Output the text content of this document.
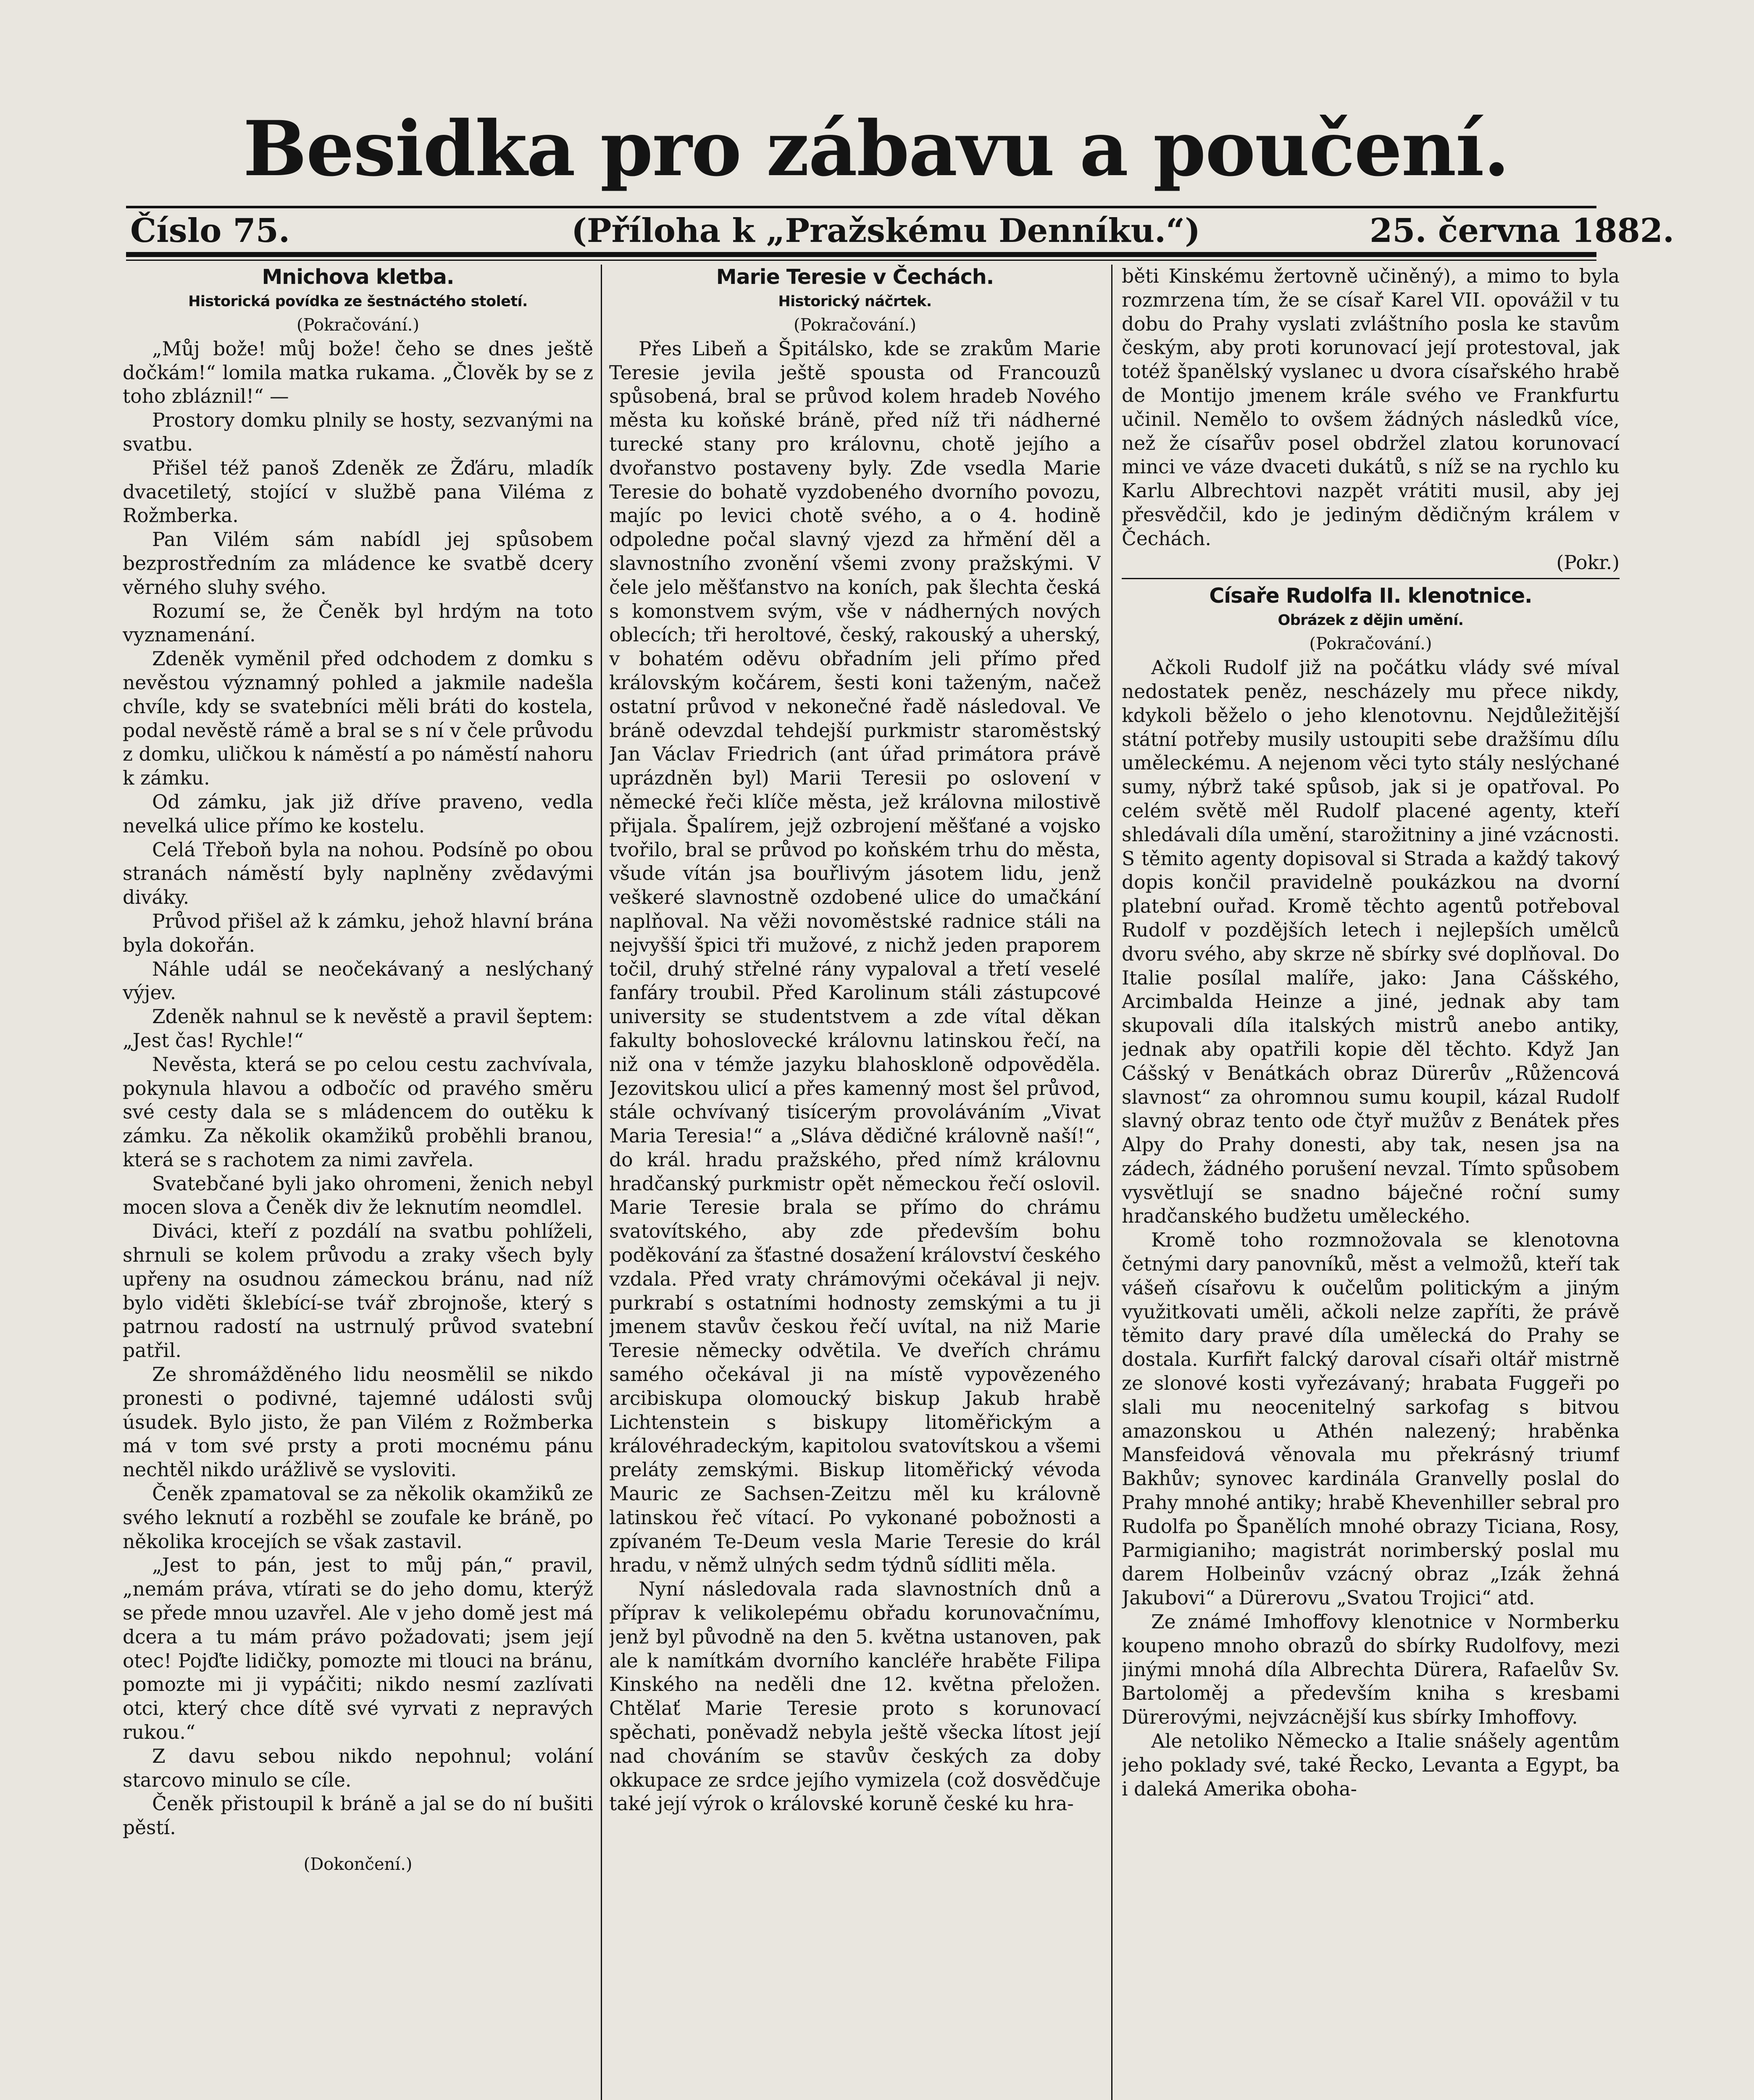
Besidka pro zábavu a poučení.
Číslo 75.	(Příloha k „Pražskému Denníku.“)	25. června 1882.

Mnichova kletba.

Historická povídka ze šestnáctého století.

(Pokračování.)

„Můj bože! můj bože! čeho se dnes ještě dočkám!“ lomila matka rukama. „Člověk by se z toho zbláznil!“ —

Prostory domku plnily se hosty, sezvanými na svatbu.

Přišel též panoš Zdeněk ze Žďáru, mladík dvacetiletý, stojící v službě pana Viléma z Rožmberka.

Pan Vilém sám nabídl jej spůsobem bezprostředním za mládence ke svatbě dcery věrného sluhy svého.

Rozumí se, že Čeněk byl hrdým na toto vyznamenání.

Zdeněk vyměnil před odchodem z domku s nevěstou významný pohled a jakmile nadešla chvíle, kdy se svatebníci měli bráti do kostela, podal nevěstě rámě a bral se s ní v čele průvodu z domku, uličkou k náměstí a po náměstí nahoru k zámku.

Od zámku, jak již dříve praveno, vedla nevelká ulice přímo ke kostelu.

Celá Třeboň byla na nohou. Podsíně po obou stranách náměstí byly naplněny zvědavými diváky.

Průvod přišel až k zámku, jehož hlavní brána byla dokořán.

Náhle udál se neočekávaný a neslýchaný výjev.

Zdeněk nahnul se k nevěstě a pravil šeptem: „Jest čas! Rychle!“

Nevěsta, která se po celou cestu zachvívala, pokynula hlavou a odbočíc od pravého směru své cesty dala se s mládencem do outěku k zámku. Za několik okamžiků proběhli branou, která se s rachotem za nimi zavřela.

Svatebčané byli jako ohromeni, ženich nebyl mocen slova a Čeněk div že leknutím neomdlel.

Diváci, kteří z pozdálí na svatbu pohlíželi, shrnuli se kolem průvodu a zraky všech byly upřeny na osudnou zámeckou bránu, nad níž bylo viděti šklebící-se tvář zbrojnoše, který s patrnou radostí na ustrnulý průvod svatební patřil.

Ze shromážděného lidu neosmělil se nikdo pronesti o podivné, tajemné události svůj úsudek. Bylo jisto, že pan Vilém z Rožmberka má v tom své prsty a proti mocnému pánu nechtěl nikdo urážlivě se vysloviti.

Čeněk zpamatoval se za několik okamžiků ze svého leknutí a rozběhl se zoufale ke bráně, po několika krocejích se však zastavil.

„Jest to pán, jest to můj pán,“ pravil, „nemám práva, vtírati se do jeho domu, kterýž se přede mnou uzavřel. Ale v jeho domě jest má dcera a tu mám právo požadovati; jsem její otec! Pojďte lidičky, pomozte mi tlouci na bránu, pomozte mi ji vypáčiti; nikdo nesmí zazlívati otci, který chce dítě své vyrvati z nepravých rukou.“

Z davu sebou nikdo nepohnul; volání starcovo minulo se cíle.

Čeněk přistoupil k bráně a jal se do ní bušiti pěstí.

(Dokončení.)

Marie Teresie v Čechách.

Historický náčrtek.

(Pokračování.)

Přes Libeň a Špitálsko, kde se zrakům Marie Teresie jevila ještě spousta od Francouzů spůsobená, bral se průvod kolem hradeb Nového města ku koňské bráně, před níž tři nádherné turecké stany pro královnu, chotě jejího a dvořanstvo postaveny byly. Zde vsedla Marie Teresie do bohatě vyzdobeného dvorního povozu, majíc po levici chotě svého, a o 4. hodině odpoledne počal slavný vjezd za hřmění děl a slavnostního zvonění všemi zvony pražskými. V čele jelo měšťanstvo na koních, pak šlechta česká s komonstvem svým, vše v nádherných nových oblecích; tři heroltové, český, rakouský a uherský, v bohatém oděvu obřadním jeli přímo před královským kočárem, šesti koni taženým, načež ostatní průvod v nekonečné řadě následoval. Ve bráně odevzdal tehdejší purkmistr staroměstský Jan Václav Friedrich (ant úřad primátora právě uprázdněn byl) Marii Teresii po oslovení v německé řeči klíče města, jež královna milostivě přijala. Špalírem, jejž ozbrojení měšťané a vojsko tvořilo, bral se průvod po koňském trhu do města, všude vítán jsa bouřlivým jásotem lidu, jenž veškeré slavnostně ozdobené ulice do umačkání naplňoval. Na věži novoměstské radnice stáli na nejvyšší špici tři mužové, z nichž jeden praporem točil, druhý střelné rány vypaloval a třetí veselé fanfáry troubil. Před Karolinum stáli zástupcové university se studentstvem a zde vítal děkan fakulty bohoslovecké královnu latinskou řečí, na niž ona v témže jazyku blahoskloně odpověděla. Jezovitskou ulicí a přes kamenný most šel průvod, stále ochvívaný tisícerým provoláváním „Vivat Maria Teresia!“ a „Sláva dědičné královně naší!“, do král. hradu pražského, před nímž královnu hradčanský purkmistr opět německou řečí oslovil. Marie Teresie brala se přímo do chrámu svatovítského, aby zde především bohu poděkování za šťastné dosažení království českého vzdala. Před vraty chrámovými očekával ji nejv. purkrabí s ostatními hodnosty zemskými a tu ji jmenem stavův českou řečí uvítal, na niž Marie Teresie německy odvětila. Ve dveřích chrámu samého očekával ji na místě vypovězeného arcibiskupa olomoucký biskup Jakub hrabě Lichtenstein s biskupy litoměřickým a královéhradeckým, kapitolou svatovítskou a všemi preláty zemskými. Biskup litoměřický vévoda Mauric ze Sachsen-Zeitzu měl ku královně latinskou řeč vítací. Po vykonané pobožnosti a zpívaném Te-Deum vesla Marie Teresie do král hradu, v němž ulných sedm týdnů sídliti měla.

Nyní následovala rada slavnostních dnů a příprav k velikolepému obřadu korunovačnímu, jenž byl původně na den 5. května ustanoven, pak ale k namítkám dvorního kancléře hraběte Filipa Kinského na neděli dne 12. května přeložen. Chtělať Marie Teresie proto s korunovací spěchati, poněvadž nebyla ještě všecka lítost její nad chováním se stavův českých za doby okkupace ze srdce jejího vymizela (což dosvědčuje také její výrok o královské koruně české ku hra-

běti Kinskému žertovně učiněný), a mimo to byla rozmrzena tím, že se císař Karel VII. opovážil v tu dobu do Prahy vyslati zvláštního posla ke stavům českým, aby proti korunovací její protestoval, jak totéž španělský vyslanec u dvora císařského hrabě de Montijo jmenem krále svého ve Frankfurtu učinil. Nemělo to ovšem žádných následků více, než že císařův posel obdržel zlatou korunovací minci ve váze dvaceti dukátů, s níž se na rychlo ku Karlu Albrechtovi nazpět vrátiti musil, aby jej přesvědčil, kdo je jediným dědičným králem v Čechách.

(Pokr.)

Císaře Rudolfa II. klenotnice.

Obrázek z dějin umění.

(Pokračování.)

Ačkoli Rudolf již na počátku vlády své míval nedostatek peněz, nescházely mu přece nikdy, kdykoli běželo o jeho klenotovnu. Nejdůležitější státní potřeby musily ustoupiti sebe dražšímu dílu uměleckému. A nejenom věci tyto stály neslýchané sumy, nýbrž také spůsob, jak si je opatřoval. Po celém světě měl Rudolf placené agenty, kteří shledávali díla umění, starožitniny a jiné vzácnosti. S těmito agenty dopisoval si Strada a každý takový dopis končil pravidelně poukázkou na dvorní platební ouřad. Kromě těchto agentů potřeboval Rudolf v pozdějších letech i nejlepších umělců dvoru svého, aby skrze ně sbírky své doplňoval. Do Italie posílal malíře, jako: Jana Cášského, Arcimbalda Heinze a jiné, jednak aby tam skupovali díla italských mistrů anebo antiky, jednak aby opatřili kopie děl těchto. Když Jan Cášský v Benátkách obraz Dürerův „Růžencová slavnost“ za ohromnou sumu koupil, kázal Rudolf slavný obraz tento ode čtyř mužův z Benátek přes Alpy do Prahy donesti, aby tak, nesen jsa na zádech, žádného porušení nevzal. Tímto spůsobem vysvětlují se snadno báječné roční sumy hradčanského budžetu uměleckého.

Kromě toho rozmnožovala se klenotovna četnými dary panovníků, měst a velmožů, kteří tak vášeň císařovu k oučelům politickým a jiným využitkovati uměli, ačkoli nelze zapříti, že právě těmito dary pravé díla umělecká do Prahy se dostala. Kurfiřt falcký daroval císaři oltář mistrně ze slonové kosti vyřezávaný; hrabata Fuggeři po slali mu neocenitelný sarkofag s bitvou amazonskou u Athén nalezený; hraběnka Mansfeidová věnovala mu překrásný triumf Bakhův; synovec kardinála Granvelly poslal do Prahy mnohé antiky; hrabě Khevenhiller sebral pro Rudolfa po Španělích mnohé obrazy Ticiana, Rosy, Parmigianiho; magistrát norimberský poslal mu darem Holbeinův vzácný obraz „Izák žehná Jakubovi“ a Dürerovu „Svatou Trojici“ atd.

Ze známé Imhoffovy klenotnice v Normberku koupeno mnoho obrazů do sbírky Rudolfovy, mezi jinými mnohá díla Albrechta Dürera, Rafaelův Sv. Bartoloměj a především kniha s kresbami Dürerovými, nejvzácnější kus sbírky Imhoffovy.

Ale netoliko Německo a Italie snášely agentům jeho poklady své, také Řecko, Levanta a Egypt, ba i daleká Amerika oboha-
